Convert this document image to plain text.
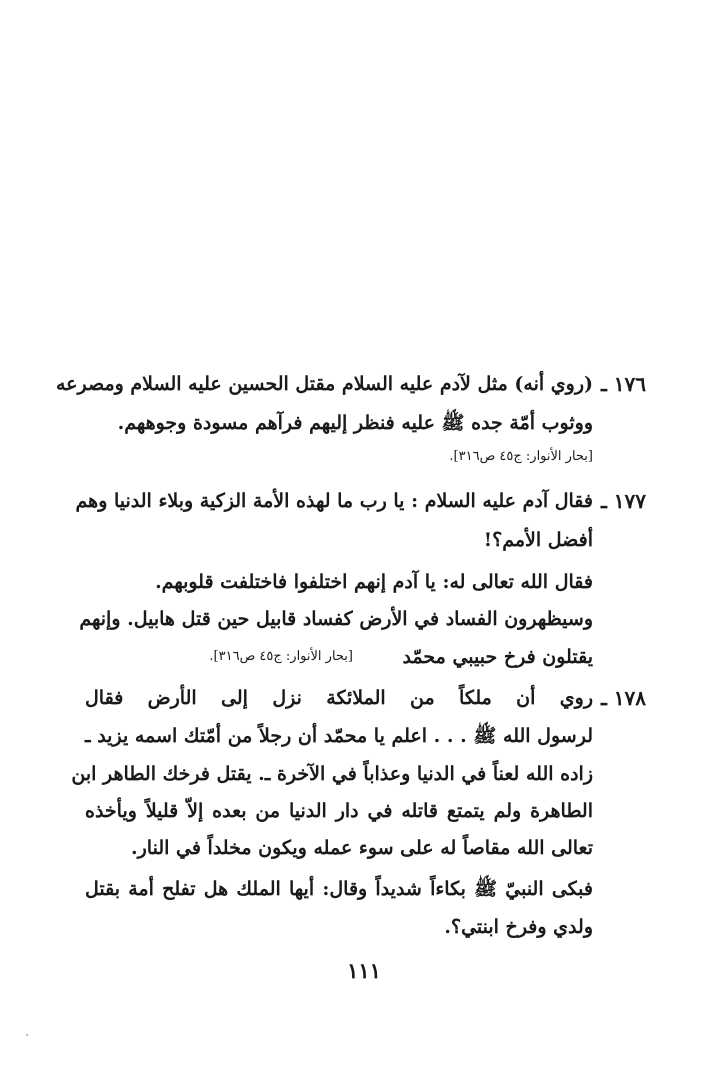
١٧٦ ـ
(روي أنه) مثل لآدم عليه السلام مقتل الحسين عليه السلام ومصرعه
ووثوب أمّة جده ﷺ عليه فنظر إليهم فرآهم مسودة وجوههم.
[بحار الأنوار: ج٤٥ ص٣١٦].
١٧٧ ـ
فقال آدم عليه السلام : يا رب ما لهذه الأمة الزكية وبلاء الدنيا وهم
أفضل الأمم؟!
فقال الله تعالى له: يا آدم إنهم اختلفوا فاختلفت قلوبهم.
وسيظهرون الفساد في الأرض كفساد قابيل حين قتل هابيل. وإنهم
يقتلون فرخ حبيبي محمّد
[بحار الأنوار: ج٤٥ ص٣١٦].
١٧٨ ـ
روي أن ملكاً من الملائكة نزل إلى الأرض فقال
لرسول الله ﷺ . . . اعلم يا محمّد أن رجلاً من أمّتك اسمه يزيد ـ
زاده الله لعناً في الدنيا وعذاباً في الآخرة ـ. يقتل فرخك الطاهر ابن
الطاهرة ولم يتمتع قاتله في دار الدنيا من بعده إلاّ قليلاً ويأخذه
تعالى الله مقاصاً له على سوء عمله ويكون مخلداً في النار.
فبكى النبيّ ﷺ بكاءاً شديداً وقال: أيها الملك هل تفلح أمة بقتل
ولدي وفرخ ابنتي؟.
١١١
